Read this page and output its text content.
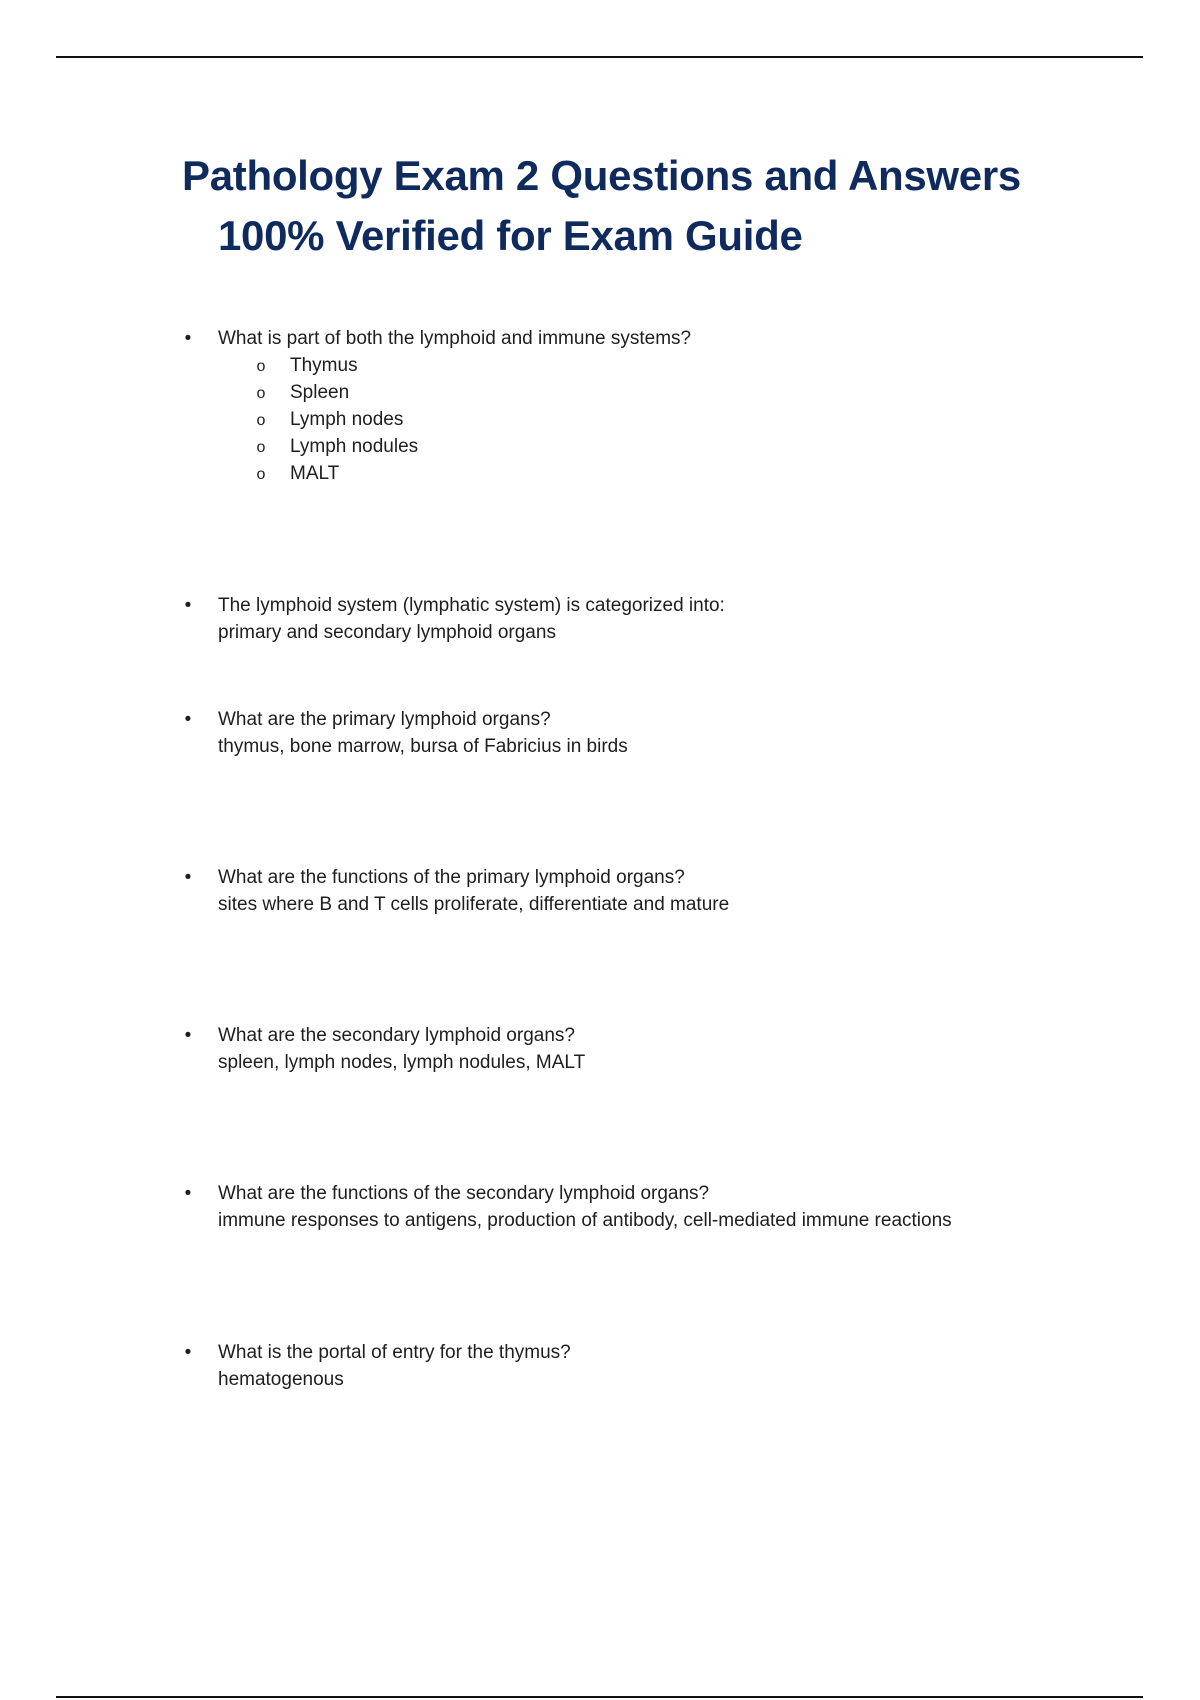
Pathology Exam 2 Questions and Answers
100% Verified for Exam Guide
•	What is part of both the lymphoid and immune systems?
o Thymus
o Spleen
o Lymph nodes
o Lymph nodules
o MALT
•	The lymphoid system (lymphatic system) is categorized into:
primary and secondary lymphoid organs
•	What are the primary lymphoid organs?
thymus, bone marrow, bursa of Fabricius in birds
•	What are the functions of the primary lymphoid organs?
sites where B and T cells proliferate, differentiate and mature
•	What are the secondary lymphoid organs?
spleen, lymph nodes, lymph nodules, MALT
•	What are the functions of the secondary lymphoid organs?
immune responses to antigens, production of antibody, cell-mediated immune reactions
•	What is the portal of entry for the thymus?
hematogenous
